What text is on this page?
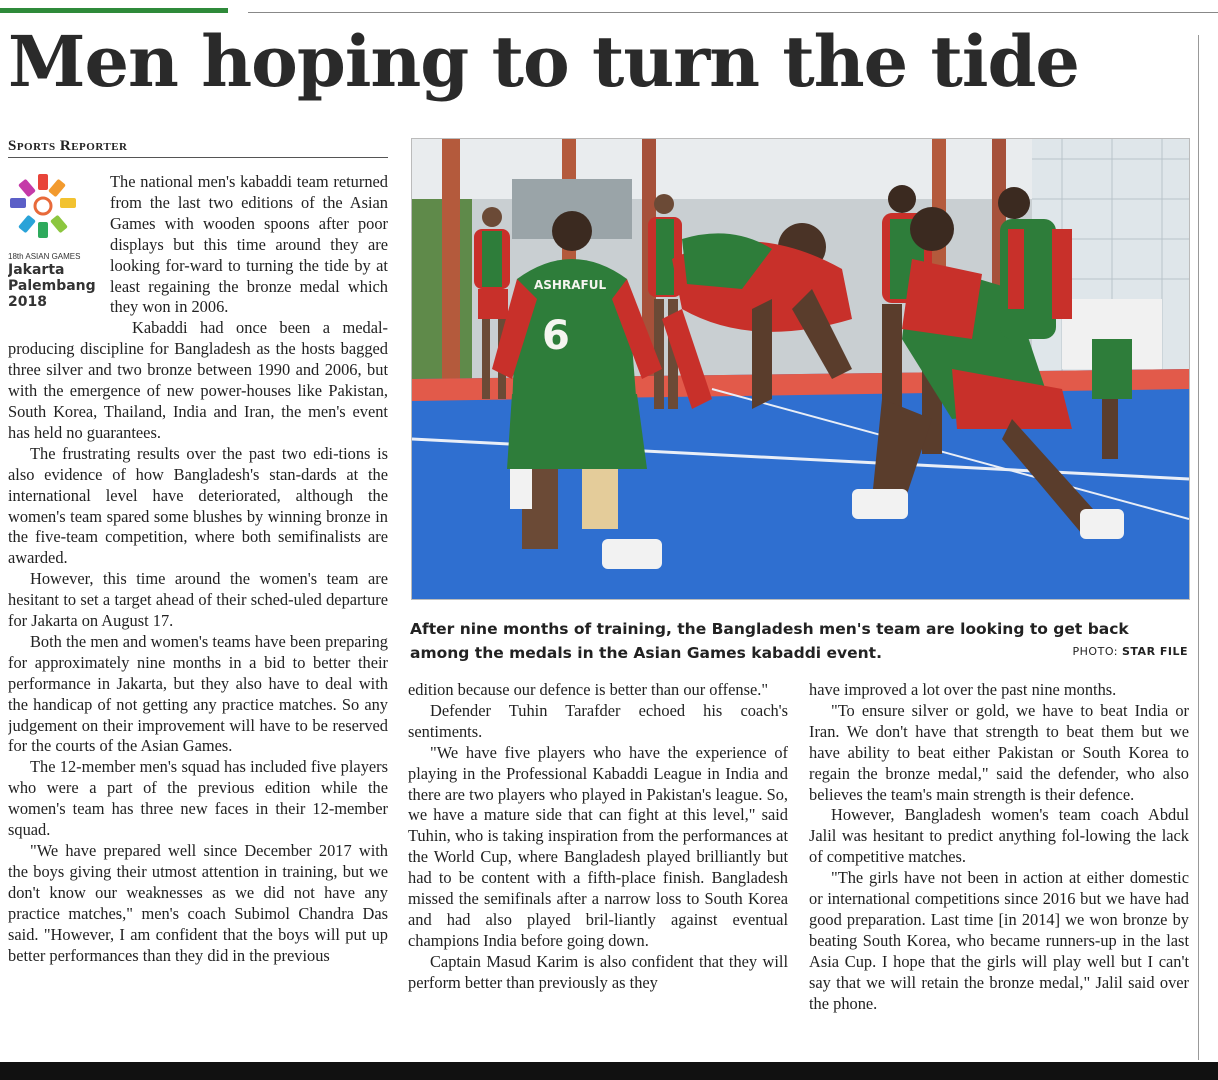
Men hoping to turn the tide
Sports Reporter
18th ASIAN GAMES
Jakarta
Palembang
2018

The national men's kabaddi team returned from the last two editions of the Asian Games with wooden spoons after poor displays but this time around they are looking for-ward to turning the tide by at least regaining the bronze medal which they won in 2006.

Kabaddi had once been a medal-producing discipline for Bangladesh as the hosts bagged three silver and two bronze between 1990 and 2006, but with the emergence of new power-houses like Pakistan, South Korea, Thailand, India and Iran, the men's event has held no guarantees.

The frustrating results over the past two edi-tions is also evidence of how Bangladesh's stan-dards at the international level have deteriorated, although the women's team spared some blushes by winning bronze in the five-team competition, where both semifinalists are awarded.

However, this time around the women's team are hesitant to set a target ahead of their sched-uled departure for Jakarta on August 17.

Both the men and women's teams have been preparing for approximately nine months in a bid to better their performance in Jakarta, but they also have to deal with the handicap of not getting any practice matches. So any judgement on their improvement will have to be reserved for the courts of the Asian Games.

The 12-member men's squad has included five players who were a part of the previous edition while the women's team has three new faces in their 12-member squad.

"We have prepared well since December 2017 with the boys giving their utmost attention in training, but we don't know our weaknesses as we did not have any practice matches," men's coach Subimol Chandra Das said. "However, I am confident that the boys will put up better performances than they did in the previous

ASHRAFUL
6
After nine months of training, the Bangladesh men's team are looking to get back among the medals in the Asian Games kabaddi event.	PHOTO: STAR FILE

edition because our defence is better than our offense."

Defender Tuhin Tarafder echoed his coach's sentiments.

"We have five players who have the experience of playing in the Professional Kabaddi League in India and there are two players who played in Pakistan's league. So, we have a mature side that can fight at this level," said Tuhin, who is taking inspiration from the performances at the World Cup, where Bangladesh played brilliantly but had to be content with a fifth-place finish. Bangladesh missed the semifinals after a narrow loss to South Korea and had also played bril-liantly against eventual champions India before going down.

Captain Masud Karim is also confident that they will perform better than previously as they

have improved a lot over the past nine months.

"To ensure silver or gold, we have to beat India or Iran. We don't have that strength to beat them but we have ability to beat either Pakistan or South Korea to regain the bronze medal," said the defender, who also believes the team's main strength is their defence.

However, Bangladesh women's team coach Abdul Jalil was hesitant to predict anything fol-lowing the lack of competitive matches.

"The girls have not been in action at either domestic or international competitions since 2016 but we have had good preparation. Last time [in 2014] we won bronze by beating South Korea, who became runners-up in the last Asia Cup. I hope that the girls will play well but I can't say that we will retain the bronze medal," Jalil said over the phone.
